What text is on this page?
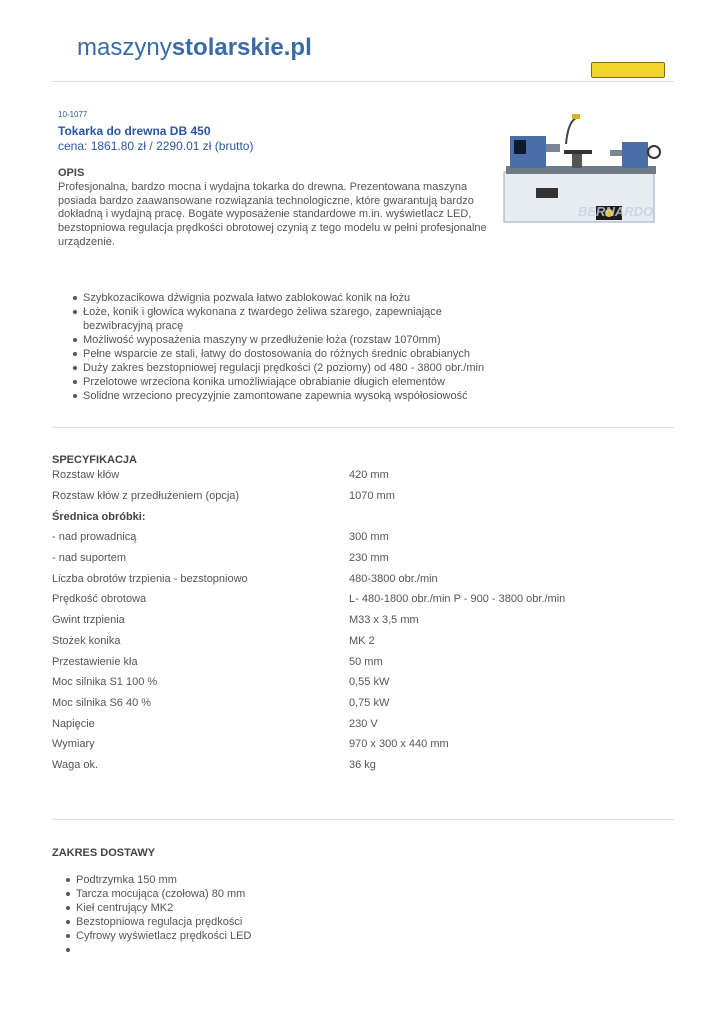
maszynystolarskie.pl
10-1077
Tokarka do drewna DB 450
cena: 1861.80 zł / 2290.01 zł (brutto)
OPIS
Profesjonalna, bardzo mocna i wydajna tokarka do drewna. Prezentowana maszyna posiada bardzo zaawansowane rozwiązania technologiczne, które gwarantują bardzo dokładną i wydajną pracę. Bogate wyposażenie standardowe m.in. wyświetlacz LED, bezstopniowa regulacja prędkości obrotowej czynią z tego modelu w pełni profesjonalne urządzenie.
BERNARDO
Szybkozacikowa dźwignia pozwala łatwo zablokować konik na łożu
Łoże, konik i głowica wykonana z twardego żeliwa szarego, zapewniające bezwibracyjną pracę
Możliwość wyposażenia maszyny w przedłużenie łoża (rozstaw 1070mm)
Pełne wsparcie ze stali, łatwy do dostosowania do różnych średnic obrabianych
Duży zakres bezstopniowej regulacji prędkości (2 poziomy) od 480 - 3800 obr./min
Przelotowe wrzeciona konika umożliwiające obrabianie długich elementów
Solidne wrzeciono precyzyjnie zamontowane zapewnia wysoką współosiowość
SPECYFIKACJA
Rozstaw kłów	420 mm
Rozstaw kłów z przedłużeniem (opcja)	1070 mm
Średnica obróbki:	
- nad prowadnicą	300 mm
- nad suportem	230 mm
Liczba obrotów trzpienia - bezstopniowo	480-3800 obr./min
Prędkość obrotowa	L- 480-1800 obr./min P - 900 - 3800 obr./min
Gwint trzpienia	M33 x 3,5 mm
Stożek konika	MK 2
Przestawienie kła	50 mm
Moc silnika S1 100 %	0,55 kW
Moc silnika S6 40 %	0,75 kW
Napięcie	230 V
Wymiary	970 x 300 x 440 mm
Waga ok.	36 kg
ZAKRES DOSTAWY
Podtrzymka 150 mm
Tarcza mocująca (czołowa) 80 mm
Kieł centrujący MK2
Bezstopniowa regulacja prędkości
Cyfrowy wyświetlacz prędkości LED
